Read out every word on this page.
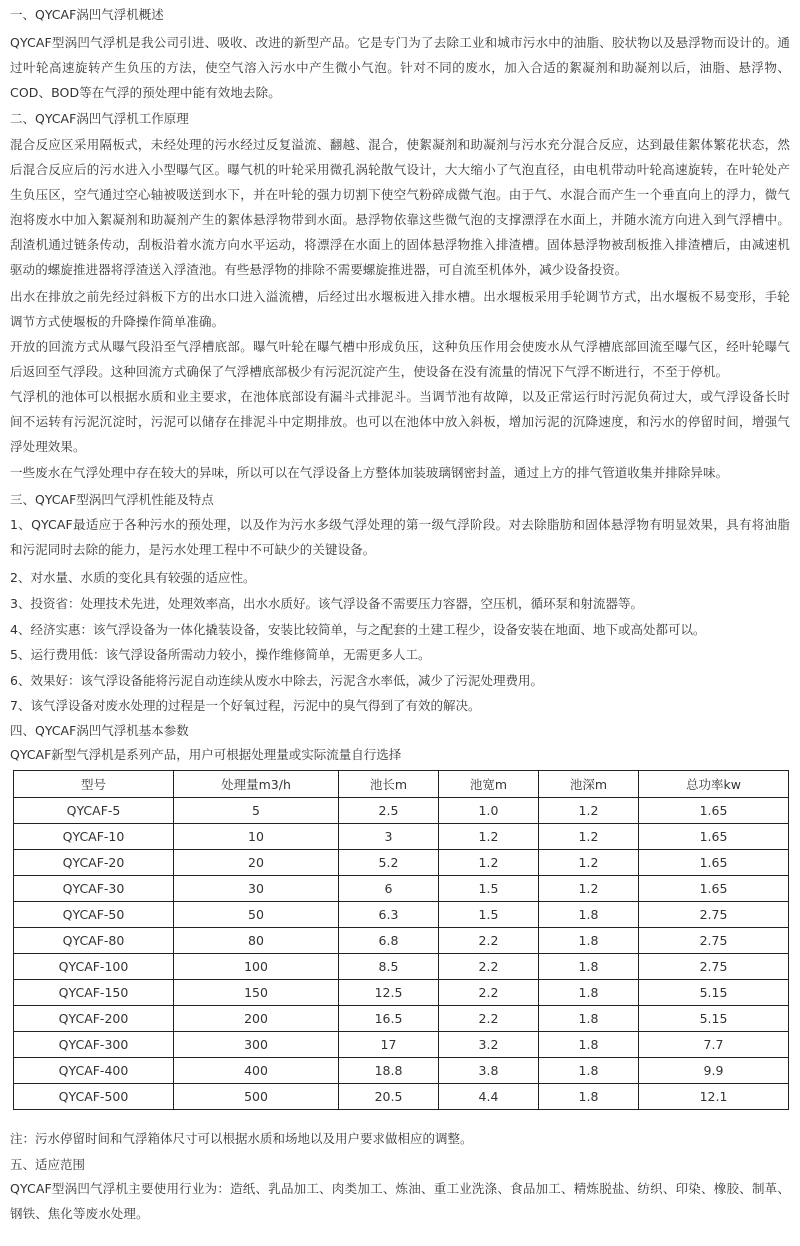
一、QYCAF涡凹气浮机概述
QYCAF型涡凹气浮机是我公司引进、吸收、改进的新型产品。它是专门为了去除工业和城市污水中的油脂、胶状物以及悬浮物而设计的。通过叶轮高速旋转产生负压的方法，使空气溶入污水中产生微小气泡。针对不同的废水，加入合适的絮凝剂和助凝剂以后，油脂、悬浮物、COD、BOD等在气浮的预处理中能有效地去除。
二、QYCAF涡凹气浮机工作原理
混合反应区采用隔板式，未经处理的污水经过反复溢流、翻越、混合，使絮凝剂和助凝剂与污水充分混合反应，达到最佳絮体繁花状态，然后混合反应后的污水进入小型曝气区。曝气机的叶轮采用微孔涡轮散气设计，大大缩小了气泡直径，由电机带动叶轮高速旋转，在叶轮处产生负压区，空气通过空心轴被吸送到水下，并在叶轮的强力切割下使空气粉碎成微气泡。由于气、水混合而产生一个垂直向上的浮力，微气泡将废水中加入絮凝剂和助凝剂产生的絮体悬浮物带到水面。悬浮物依靠这些微气泡的支撑漂浮在水面上，并随水流方向进入到气浮槽中。刮渣机通过链条传动，刮板沿着水流方向水平运动，将漂浮在水面上的固体悬浮物推入排渣槽。固体悬浮物被刮板推入排渣槽后，由减速机驱动的螺旋推进器将浮渣送入浮渣池。有些悬浮物的排除不需要螺旋推进器，可自流至机体外，减少设备投资。
出水在排放之前先经过斜板下方的出水口进入溢流槽，后经过出水堰板进入排水槽。出水堰板采用手轮调节方式，出水堰板不易变形，手轮调节方式使堰板的升降操作简单准确。
开放的回流方式从曝气段沿至气浮槽底部。曝气叶轮在曝气槽中形成负压，这种负压作用会使废水从气浮槽底部回流至曝气区，经叶轮曝气后返回至气浮段。这种回流方式确保了气浮槽底部极少有污泥沉淀产生，使设备在没有流量的情况下气浮不断进行，不至于停机。
气浮机的池体可以根据水质和业主要求，在池体底部设有漏斗式排泥斗。当调节池有故障，以及正常运行时污泥负荷过大，或气浮设备长时间不运转有污泥沉淀时，污泥可以储存在排泥斗中定期排放。也可以在池体中放入斜板，增加污泥的沉降速度，和污水的停留时间，增强气浮处理效果。
一些废水在气浮处理中存在较大的异味，所以可以在气浮设备上方整体加装玻璃钢密封盖，通过上方的排气管道收集并排除异味。
三、QYCAF型涡凹气浮机性能及特点
1、QYCAF最适应于各种污水的预处理，以及作为污水多级气浮处理的第一级气浮阶段。对去除脂肪和固体悬浮物有明显效果，具有将油脂和污泥同时去除的能力，是污水处理工程中不可缺少的关键设备。
2、对水量、水质的变化具有较强的适应性。
3、投资省：处理技术先进，处理效率高，出水水质好。该气浮设备不需要压力容器，空压机，循环泵和射流器等。
4、经济实惠：该气浮设备为一体化撬装设备，安装比较简单，与之配套的土建工程少，设备安装在地面、地下或高处都可以。
5、运行费用低：该气浮设备所需动力较小，操作维修简单，无需更多人工。
6、效果好：该气浮设备能将污泥自动连续从废水中除去，污泥含水率低，减少了污泥处理费用。
7、该气浮设备对废水处理的过程是一个好氧过程，污泥中的臭气得到了有效的解决。
四、QYCAF涡凹气浮机基本参数
QYCAF新型气浮机是系列产品，用户可根据处理量或实际流量自行选择
型号	处理量m3/h	池长m	池宽m	池深m	总功率kw
QYCAF-5	5	2.5	1.0	1.2	1.65
QYCAF-10	10	3	1.2	1.2	1.65
QYCAF-20	20	5.2	1.2	1.2	1.65
QYCAF-30	30	6	1.5	1.2	1.65
QYCAF-50	50	6.3	1.5	1.8	2.75
QYCAF-80	80	6.8	2.2	1.8	2.75
QYCAF-100	100	8.5	2.2	1.8	2.75
QYCAF-150	150	12.5	2.2	1.8	5.15
QYCAF-200	200	16.5	2.2	1.8	5.15
QYCAF-300	300	17	3.2	1.8	7.7
QYCAF-400	400	18.8	3.8	1.8	9.9
QYCAF-500	500	20.5	4.4	1.8	12.1
注：污水停留时间和气浮箱体尺寸可以根据水质和场地以及用户要求做相应的调整。
五、适应范围
QYCAF型涡凹气浮机主要使用行业为：造纸、乳品加工、肉类加工、炼油、重工业洗涤、食品加工、精炼脱盐、纺织、印染、橡胶、制革、钢铁、焦化等废水处理。
